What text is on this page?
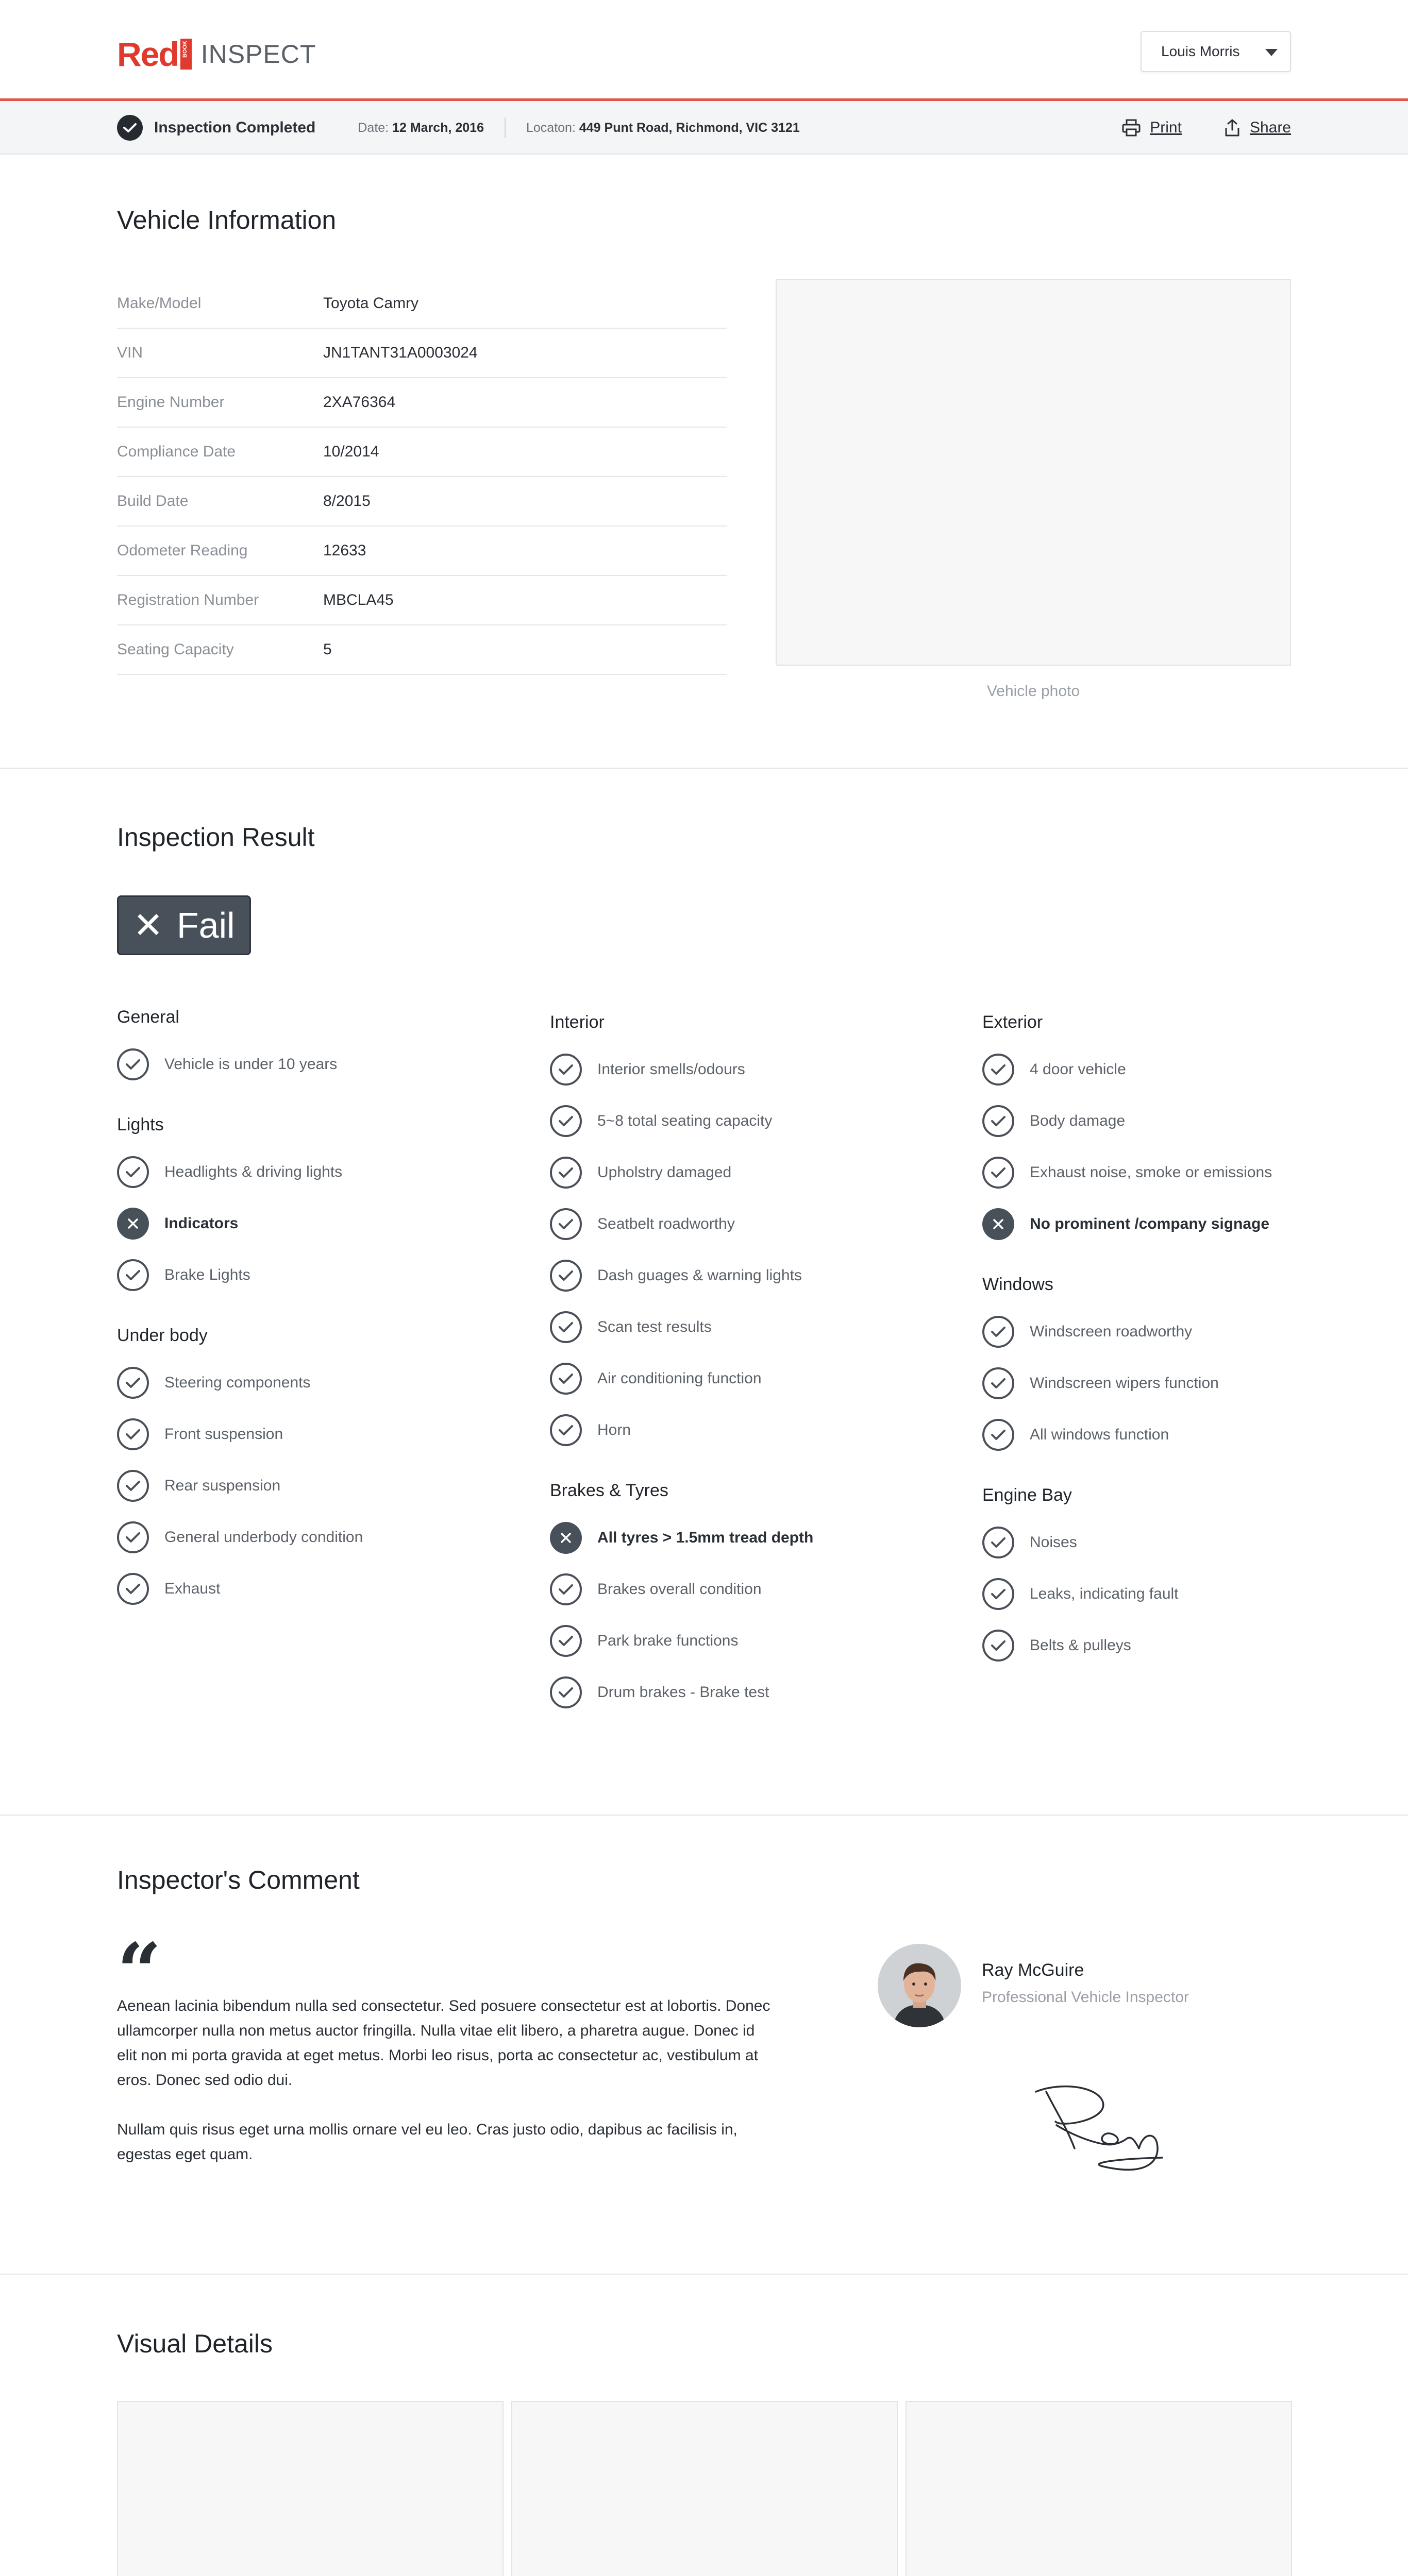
Red BOOK INSPECT	Louis Morris
Inspection Completed	Date: 12 March, 2016	Locaton: 449 Punt Road, Richmond, VIC 3121	Print	Share
Vehicle Information
Make/Model	Toyota Camry
VIN	JN1TANT31A0003024
Engine Number	2XA76364
Compliance Date	10/2014
Build Date	8/2015
Odometer Reading	12633
Registration Number	MBCLA45
Seating Capacity	5
Vehicle photo
Inspection Result
✕ Fail
General
Vehicle is under 10 years
Lights
Headlights & driving lights
Indicators
Brake Lights
Under body
Steering components
Front suspension
Rear suspension
General underbody condition
Exhaust
Interior
Interior smells/odours
5~8 total seating capacity
Upholstry damaged
Seatbelt roadworthy
Dash guages & warning lights
Scan test results
Air conditioning function
Horn
Brakes & Tyres
All tyres > 1.5mm tread depth
Brakes overall condition
Park brake functions
Drum brakes - Brake test
Exterior
4 door vehicle
Body damage
Exhaust noise, smoke or emissions
No prominent /company signage
Windows
Windscreen roadworthy
Windscreen wipers function
All windows function
Engine Bay
Noises
Leaks, indicating fault
Belts & pulleys
Inspector's Comment
“

Aenean lacinia bibendum nulla sed consectetur. Sed posuere consectetur est at lobortis. Donec ullamcorper nulla non metus auctor fringilla. Nulla vitae elit libero, a pharetra augue. Donec id elit non mi porta gravida at eget metus. Morbi leo risus, porta ac consectetur ac, vestibulum at eros. Donec sed odio dui.

Nullam quis risus eget urna mollis ornare vel eu leo. Cras justo odio, dapibus ac facilisis in, egestas eget quam.

Ray McGuire
Professional Vehicle Inspector
Visual Details
